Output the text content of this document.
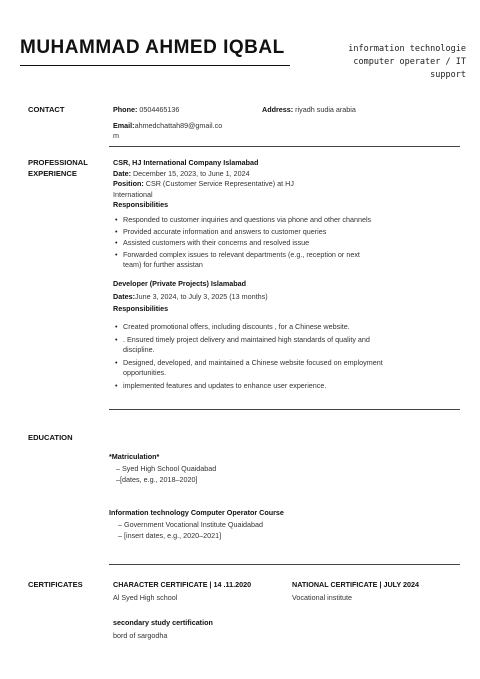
MUHAMMAD AHMED IQBAL	information technologie
computer operater / IT
support
CONTACT	Phone: 0504465136
Email:ahmedchattah89@gmail.co
m
Address: riyadh sudia arabia
PROFESSIONAL
EXPERIENCE
CSR, HJ International Company Islamabad
Date: December 15, 2023, to June 1, 2024
Position: CSR (Customer Service Representative) at HJ
International
Responsibilities
• Responded to customer inquiries and questions via phone and other channels
• Provided accurate information and answers to customer queries
• Assisted customers with their concerns and resolved issue
• Forwarded complex issues to relevant departments (e.g., reception or next
team) for further assistan
Developer (Private Projects) Islamabad
Dates:June 3, 2024, to July 3, 2025 (13 months)
Responsibilities
• Created promotional offers, including discounts , for a Chinese website.
• . Ensured timely project delivery and maintained high standards of quality and
discipline.
• Designed, developed, and maintained a Chinese website focused on employment
opportunities.
• implemented features and updates to enhance user experience.
EDUCATION
*Matriculation*
– Syed High School Quaidabad
–[dates, e.g., 2018–2020]
Information technology Computer Operator Course
– Government Vocational Institute Quaidabad
– [insert dates, e.g., 2020–2021]
CERTIFICATES	CHARACTER CERTIFICATE | 14 .11.2020
Al Syed High school
NATIONAL CERTIFICATE | JULY 2024
Vocational institute
secondary study certification
bord of sargodha
